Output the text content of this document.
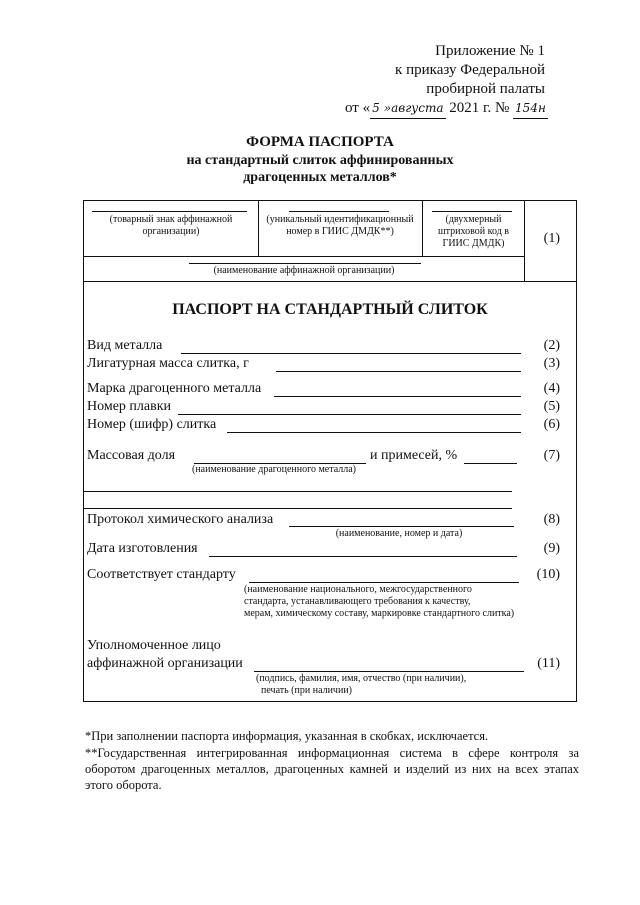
Приложение № 1
к приказу Федеральной
пробирной палаты
от « 5 »августа 2021 г. № 154н
ФОРМА ПАСПОРТА
на стандартный слиток аффинированных
драгоценных металлов*
(товарный знак аффинажной организации)
(уникальный идентификационный номер в ГИИС ДМДК**)
(двухмерный штриховой код в ГИИС ДМДК)	(1)
(наименование аффинажной организации)
ПАСПОРТ НА СТАНДАРТНЫЙ СЛИТОК
Вид металла	(2)
Лигатурная масса слитка, г	(3)
Марка драгоценного металла	(4)
Номер плавки	(5)
Номер (шифр) слитка	(6)
Массовая доля	и примесей, %	(7)
(наименование драгоценного металла)
Протокол химического анализа	(8)
(наименование, номер и дата)
Дата изготовления	(9)
Соответствует стандарту	(10)
(наименование национального, межгосударственного
стандарта, устанавливающего требования к качеству,
мерам, химическому составу, маркировке стандартного слитка)
Уполномоченное лицо
аффинажной организации	(11)
(подпись, фамилия, имя, отчество (при наличии),
печать (при наличии)
*При заполнении паспорта информация, указанная в скобках, исключается.
**Государственная интегрированная информационная система в сфере контроля за оборотом драгоценных металлов, драгоценных камней и изделий из них на всех этапах этого оборота.
